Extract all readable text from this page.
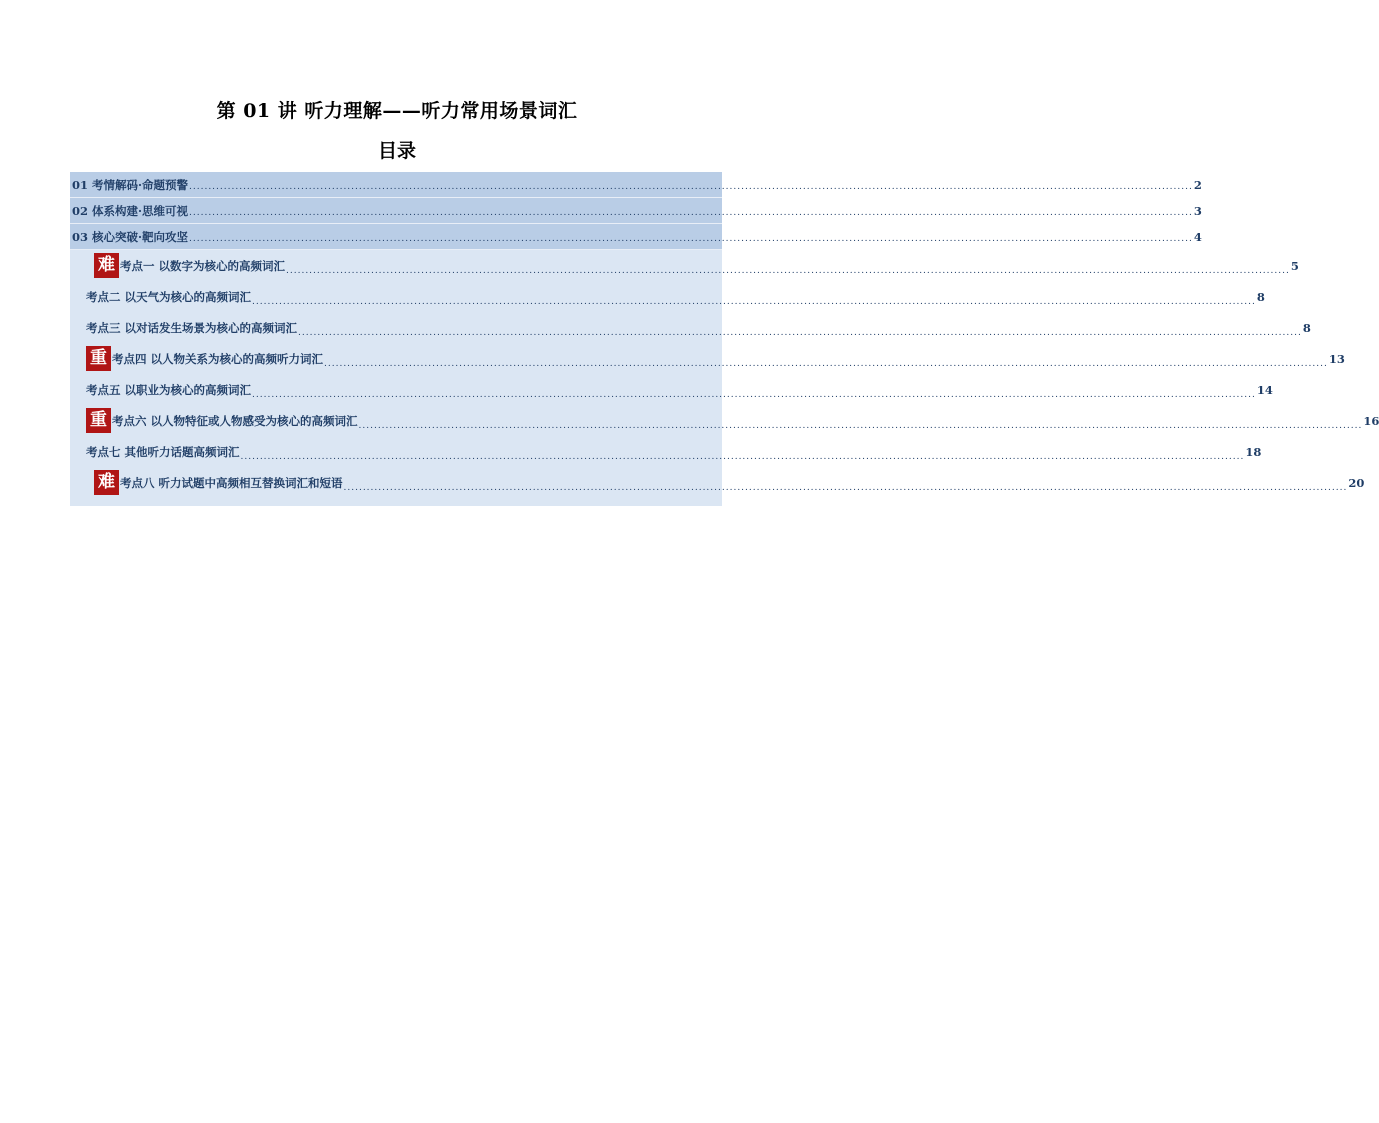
第 01 讲 听力理解——听力常用场景词汇
目录
01 考情解码·命题预警 .................................................................................................................................................................................................................................................................... 2
02 体系构建·思维可视 .................................................................................................................................................................................................................................................................... 3
03 核心突破·靶向攻坚 .................................................................................................................................................................................................................................................................... 4
难 考点一 以数字为核心的高频词汇 .................................................................................................................................................................................................................................................................... 5
考点二 以天气为核心的高频词汇 .................................................................................................................................................................................................................................................................... 8
考点三 以对话发生场景为核心的高频词汇 .................................................................................................................................................................................................................................................................... 8
重 考点四 以人物关系为核心的高频听力词汇 .................................................................................................................................................................................................................................................................... 13
考点五 以职业为核心的高频词汇 .................................................................................................................................................................................................................................................................... 14
重 考点六 以人物特征或人物感受为核心的高频词汇 .................................................................................................................................................................................................................................................................... 16
考点七 其他听力话题高频词汇 .................................................................................................................................................................................................................................................................... 18
难 考点八 听力试题中高频相互替换词汇和短语 .................................................................................................................................................................................................................................................................... 20
